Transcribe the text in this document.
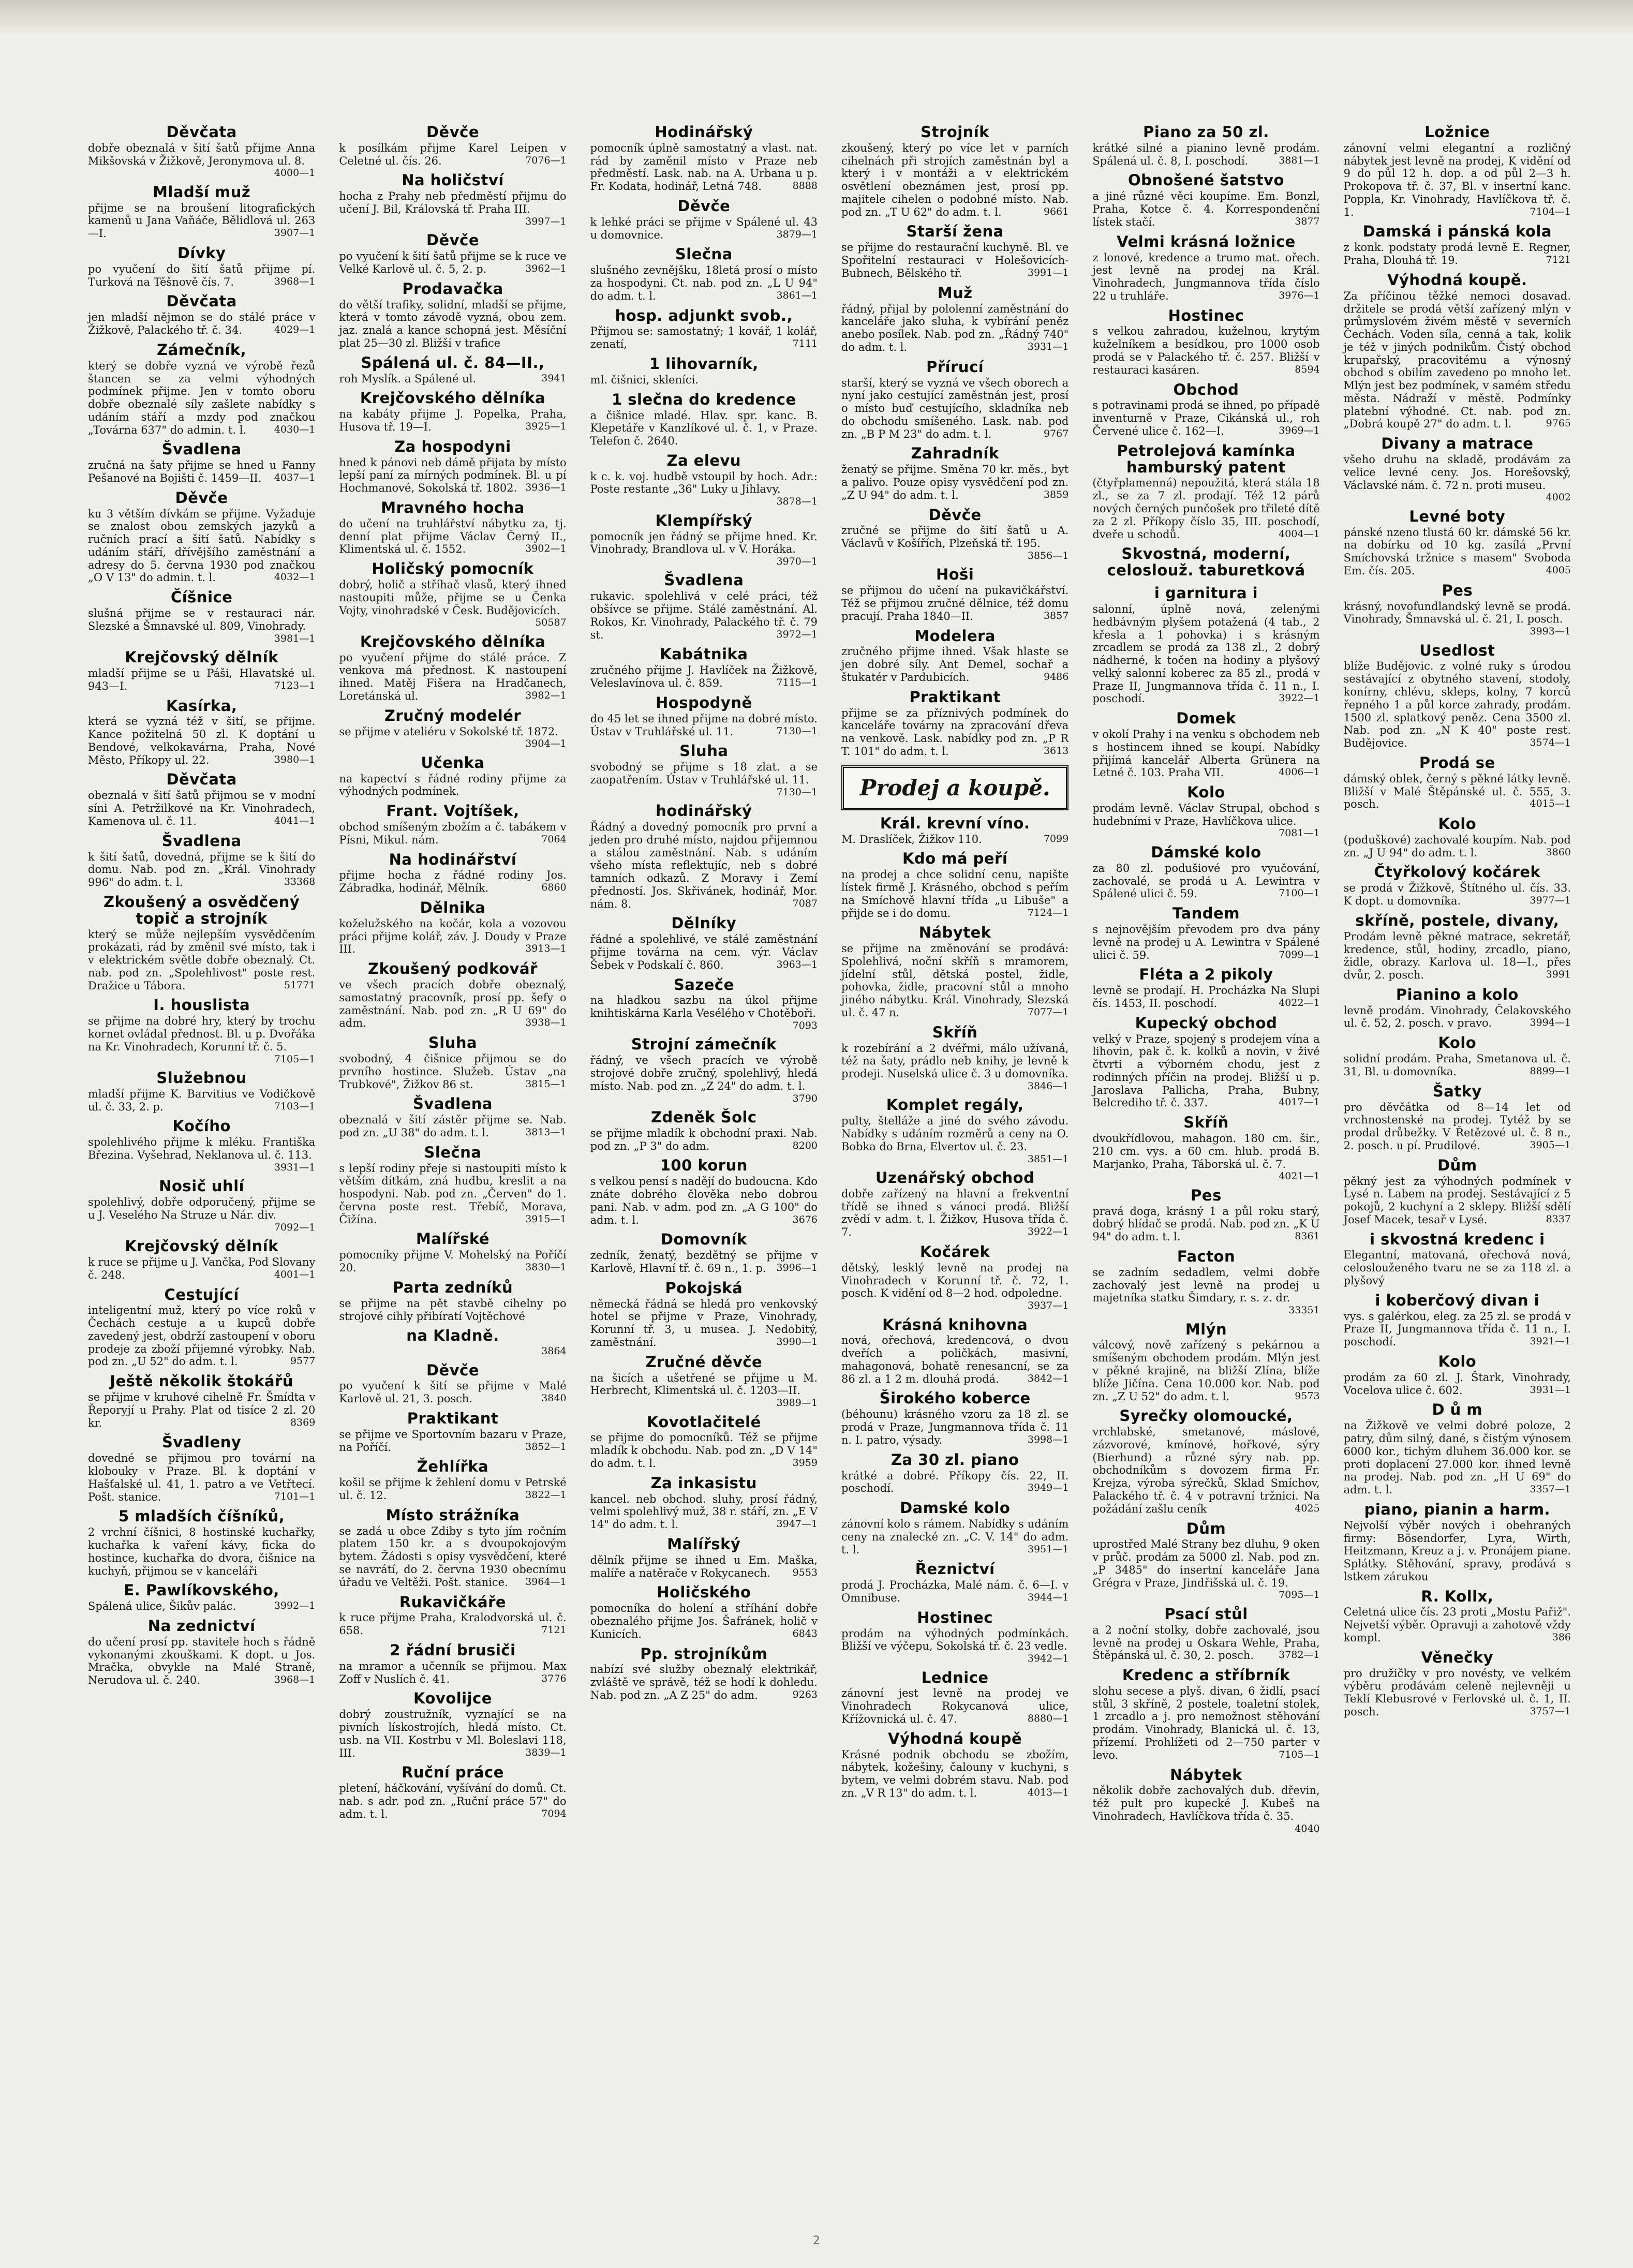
Děvčata

dobře obeznalá v šití šatů přijme Anna Mikšovská v Žižkově, Jeronymova ul. 8.
4000—1

Mladší muž

přijme se na broušení litografických kamenů u Jana Vaňáče, Bělidlová ul. 263—I.	3907—1

Dívky

po vyučení do šití šatů přijme pí. Turková na Těšnově čís. 7.	3968—1

Děvčata

jen mladší nějmon se do stálé práce v Žižkově, Palackého tř. č. 34.	4029—1

Zámečník,

který se dobře vyzná ve výrobě řezů štancen se za velmi výhodných podmínek přijme. Jen v tomto oboru dobře obeznalé síly zašlete nabídky s udáním stáří a mzdy pod značkou „Továrna 637" do admin. t. l.	4030—1

Švadlena

zručná na šaty přijme se hned u Fanny Pešanové na Bojišti č. 1459—II. 4037—1

Děvče

ku 3 větším dívkám se přijme. Vyžaduje se znalost obou zemských jazyků a ručních prací a šití šatů. Nabídky s udáním stáří, dřívějšího zaměstnání a adresy do 5. června 1930 pod značkou „O V 13" do admin. t. l.	4032—1

Číšnice

slušná přijme se v restauraci nár. Slezské a Šmnavské ul. 809, Vinohrady.
3981—1

Krejčovský dělník

mladší přijme se u Páši, Hlavatské ul. 943—I.	7123—1

Kasírka,

která se vyzná též v šití, se přijme. Kance požitelná 50 zl. K doptání u Bendové, velkokavárna, Praha, Nové Město, Příkopy ul. 22.	3980—1

Děvčata

obeznalá v šití šatů přijmou se v modní síni A. Petržilkové na Kr. Vinohradech, Kamenova ul. č. 11.	4041—1

Švadlena

k šití šatů, dovedná, přijme se k šití do domu. Nab. pod zn. „Král. Vinohrady 996" do adm. t. l.	33368

Zkoušený a osvědčený topič a strojník

který se může nejlepším vysvědčením prokázati, rád by změnil své místo, tak i v elektrickém světle dobře obeznalý. Ct. nab. pod zn. „Spolehlivost" poste rest. Dražice u Tábora.	51771

I. houslista

se přijme na dobré hry, který by trochu kornet ovládal přednost. Bl. u p. Dvořáka na Kr. Vinohradech, Korunní tř. č. 5.
7105—1

Služebnou

mladší přijme K. Barvitius ve Vodičkově ul. č. 33, 2. p.	7103—1

Kočího

spolehlivého přijme k mléku. Františka Březina. Vyšehrad, Neklanova ul. č. 113.
3931—1

Nosič uhlí

spolehlivý, dobře odporučený, přijme se u J. Veselého Na Struze u Nár. div.
7092—1

Krejčovský dělník

k ruce se přijme u J. Vančka, Pod Slovany č. 248.	4001—1

Cestující

inteligentní muž, který po více roků v Čechách cestuje a u kupců dobře zavedený jest, obdrží zastoupení v oboru prodeje za zboží přijemné výrobky. Nab. pod zn. „U 52" do adm. t. l.	9577

Ještě několik štokářů

se přijme v kruhové cihelně Fr. Šmídta v Řeporyjí u Prahy. Plat od tisíce 2 zl. 20 kr.	8369

Švadleny

dovedné se přijmou pro tovární na klobouky v Praze. Bl. k doptání v Hašťalské ul. 41, 1. patro a ve Vetřtecí. Pošt. stanice.	7101—1

5 mladších číšníků,

2 vrchní číšnici, 8 hostinské kuchařky, kuchařka k vaření kávy, ficka do hostince, kuchařka do dvora, čišnice na kuchyň, přijmou se v kanceláři

E. Pawlíkovského,

Spálená ulice, Šikův palác.	3992—1

Na zednictví

do učení prosí pp. stavitele hoch s řádně vykonanými zkouškami. K dopt. u Jos. Mračka, obvykle na Malé Straně, Nerudova ul. č. 240.	3968—1

Děvče

k posílkám přijme Karel Leipen v Celetné ul. čís. 26.	7076—1

Na holičství

hocha z Prahy neb předměstí přijmu do učení J. Bil, Královská tř. Praha III.
3997—1

Děvče

po vyučení k šití šatů přijme se k ruce ve Velké Karlově ul. č. 5, 2. p.	3962—1

Prodavačka

do větší trafiky, solidní, mladší se přijme, která v tomto závodě vyzná, obou zem. jaz. znalá a kance schopná jest. Měsíční plat 25—30 zl. Bližší v trafice

Spálená ul. č. 84—II.,

roh Myslík. a Spálené ul.	3941

Krejčovského dělníka

na kabáty přijme J. Popelka, Praha, Husova tř. 19—I.	3925—1

Za hospodyni

hned k pánovi neb dámě přijata by místo lepší paní za mírných podmínek. Bl. u pí Hochmanové, Sokolská tř. 1802. 3936—1

Mravného hocha

do učení na truhlářství nábytku za, tj. denní plat přijme Václav Černý II., Klimentská ul. č. 1552.	3902—1

Holičský pomocník

dobrý, holič a stříhač vlasů, který ihned nastoupiti může, přijme se u Čenka Vojty, vinohradské v Česk. Budějovicích.
50587

Krejčovského dělníka

po vyučení přijme do stálé práce. Z venkova má přednost. K nastoupení ihned. Matěj Fišera na Hradčanech, Loretánská ul.	3982—1

Zručný modelér

se přijme v ateliéru v Sokolské tř. 1872.
3904—1

Učenka

na kapectví s řádné rodiny přijme za výhodných podmínek.

Frant. Vojtíšek,

obchod smíšeným zbožím a č. tabákem v Písni, Mikul. nám.	7064

Na hodinářství

přijme hocha z řádné rodiny Jos. Zábradka, hodinář, Mělník.	6860

Dělnika

koželužského na kočár, kola a vozovou práci přijme kolář, záv. J. Doudy v Praze III.	3913—1

Zkoušený podkovář

ve všech pracích dobře obeznalý, samostatný pracovník, prosí pp. šefy o zaměstnání. Nab. pod zn. „R U 69" do adm.	3938—1

Sluha

svobodný, 4 čišnice přijmou se do prvního hostince. Služeb. Ústav „na Trubkové", Žižkov 86 st.	3815—1

Švadlena

obeznalá v šití zástěr přijme se. Nab. pod zn. „U 38" do adm. t. l.	3813—1

Slečna

s lepší rodiny přeje si nastoupiti místo k větším dítkám, zná hudbu, kreslit a na hospodyni. Nab. pod zn. „Červen" do 1. června poste rest. Třebíč, Morava, Čižína.	3915—1

Malířské

pomocníky přijme V. Mohelský na Poříčí 20.	3830—1

Parta zedníků

se přijme na pět stavbě cihelny po strojové cihly přibíratí Vojtěchové

na Kladně.

3864

Děvče

po vyučení k šití se přijme v Malé Karlově ul. 21, 3. posch.	3840

Praktikant

se přijme ve Sportovním bazaru v Praze, na Poříčí.	3852—1

Žehlířka

košil se přijme k žehlení domu v Petrské ul. č. 12.	3822—1

Místo strážníka

se zadá u obce Zdiby s tyto jím ročním platem 150 kr. a s dvoupokojovým bytem. Žádosti s opisy vysvědčení, které se navrátí, do 2. června 1930 obecnímu úřadu ve Veltěži. Pošt. stanice. 3964—1

Rukavičkáře

k ruce přijme Praha, Kralodvorská ul. č. 658.	7121

2 řádní brusiči

na mramor a učenník se přijmou. Max Zoff v Nuslích č. 41.	3776

Kovolijce

dobrý zoustružník, vyznající se na pivních lískostrojích, hledá místo. Ct. usb. na VII. Kostrbu v Ml. Boleslavi 118, III.	3839—1

Ruční práce

pletení, háčkování, vyšívání do domů. Ct. nab. s adr. pod zn. „Ruční práce 57" do adm. t. l.	7094

Hodinářský

pomocník úplně samostatný a vlast. nat. rád by zaměnil místo v Praze neb předměstí. Lask. nab. na A. Urbana u p. Fr. Kodata, hodinář, Letná 748.	8888

Děvče

k lehké práci se přijme v Spálené ul. 43 u domovnice.	3879—1

Slečna

slušného zevnějšku, 18letá prosí o místo za hospodyni. Ct. nab. pod zn. „L U 94" do adm. t. l.	3861—1

hosp. adjunkt svob.,

Přijmou se: samostatný; 1 kovář, 1 kolář, zenatí,	7111

1 lihovarník,

ml. čišnici, skleníci.

1 slečna do kredence

a čišnice mladé. Hlav. spr. kanc. B. Klepetáře v Kanzlíkové ul. č. 1, v Praze. Telefon č. 2640.

Za elevu

k c. k. voj. hudbě vstoupil by hoch. Adr.: Poste restante „36" Luky u Jihlavy.
3878—1

Klempířský

pomocník jen řádný se přijme hned. Kr. Vinohrady, Brandlova ul. v V. Horáka.
3970—1

Švadlena

rukavic. spolehlivá v celé práci, též obšívce se přijme. Stálé zaměstnání. Al. Rokos, Kr. Vinohrady, Palackého tř. č. 79 st.	3972—1

Kabátnika

zručného přijme J. Havlíček na Žižkově, Veleslavínova ul. č. 859.	7115—1

Hospodyně

do 45 let se ihned přijme na dobré místo. Ústav v Truhlářské ul. 11.	7130—1

Sluha

svobodný se přijme s 18 zlat. a se zaopatřením. Ústav v Truhlářské ul. 11.
7130—1

hodinářský

Řádný a dovedný pomocník pro první a jeden pro druhé místo, najdou přijemnou a stálou zaměstnání. Nab. s udáním všeho místa reflektujíc, neb s dobré tamních odkazů. Z Moravy i Zemí předností. Jos. Skřivánek, hodinář, Mor. nám. 8.	7087

Dělníky

řádné a spolehlivé, ve stálé zaměstnání přijme továrna na cem. výr. Václav Šebek v Podskalí č. 860.	3963—1

Sazeče

na hladkou sazbu na úkol přijme knihtiskárna Karla Vesélého v Chotěboři.
7093

Strojní zámečník

řádný, ve všech pracích ve výrobě strojové dobře zručný, spolehlivý, hledá místo. Nab. pod zn. „Z 24" do adm. t. l.
3790

Zdeněk Šolc

se přijme mladík k obchodní praxi. Nab. pod zn. „P 3" do adm.	8200

100 korun

s velkou pensí s nadějí do budoucna. Kdo znáte dobrého člověka nebo dobrou pani. Nab. v adm. pod zn. „A G 100" do adm. t. l.	3676

Domovník

zedník, ženatý, bezdětný se přijme v Karlově, Hlavní tř. č. 69 n., 1. p. 3996—1

Pokojská

německá řádná se hledá pro venkovský hotel se přijme v Praze, Vinohrady, Korunní tř. 3, u musea. J. Nedobitý, zaměstnání.	3990—1

Zručné děvče

na šicích a ušetřené se přijme u M. Herbrecht, Klimentská ul. č. 1203—II.
3989—1

Kovotlačitelé

se přijme do pomocníků. Též se přijme mladík k obchodu. Nab. pod zn. „D V 14" do adm. t. l.	3959

Za inkasistu

kancel. neb obchod. sluhy, prosí řádný, velmi spolehlivý muž, 38 r. stáří, zn. „E V 14" do adm. t. l.	3947—1

Malířský

dělník přijme se ihned u Em. Maška, malíře a natěrače v Rokycanech. 9553

Holičského

pomocníka do holení a stříhání dobře obeznalého přijme Jos. Šafránek, holič v Kunicích.	6843

Pp. strojníkům

nabízí své služby obeznalý elektrikář, zvláště ve správě, též se hodí k dohledu. Nab. pod zn. „A Z 25" do adm.	9263

Strojník

zkoušený, který po více let v parních cihelnách při strojích zaměstnán byl a který i v montáži a v elektrickém osvětlení obeznámen jest, prosí pp. majitele cihelen o podobné místo. Nab. pod zn. „T U 62" do adm. t. l.	9661

Starší žena

se přijme do restaurační kuchyně. Bl. ve Spořitelní restauraci v Holešovicích-Bubnech, Bělského tř.	3991—1

Muž

řádný, přijal by pololenní zaměstnání do kanceláře jako sluha, k vybírání peněz anebo posílek. Nab. pod zn. „Řádný 740" do adm. t. l.	3931—1

Přírucí

starší, který se vyzná ve všech oborech a nyní jako cestující zaměstnán jest, prosí o místo buď cestujícího, skladníka neb do obchodu smíšeného. Lask. nab. pod zn. „B P M 23" do adm. t. l.	9767

Zahradník

ženatý se přijme. Směna 70 kr. měs., byt a palivo. Pouze opisy vysvědčení pod zn. „Z U 94" do adm. t. l.	3859

Děvče

zručné se přijme do šití šatů u A. Václavů v Košířích, Plzeňská tř. 195.
3856—1

Hoši

se přijmou do učení na pukavičkářství. Též se přijmou zručné dělnice, též domu pracují. Praha 1840—II.	3857

Modelera

zručného přijme ihned. Však hlaste se jen dobré síly. Ant Demel, sochař a štukatér v Pardubicích.	9486

Praktikant

přijme se za příznivých podmínek do kanceláře továrny na zpracování dřeva na venkově. Lask. nabídky pod zn. „P R T. 101" do adm. t. l.	3613

Prodej a koupě.
Král. krevní víno.

M. Draslíček, Žižkov 110.	7099

Kdo má peří

na prodej a chce solidní cenu, napište lístek firmě J. Krásného, obchod s peřím na Smíchově hlavní třída „u Libuše" a přijde se i do domu.	7124—1

Nábytek

se přijme na změnování se prodává: Spolehlivá, noční skříň s mramorem, jídelní stůl, dětská postel, židle, pohovka, židle, pracovní stůl a mnoho jiného nábytku. Král. Vinohrady, Slezská ul. č. 47 n.	7077—1

Skříň

k rozebírání a 2 dvéřmi, málo užívaná, též na šaty, prádlo neb knihy, je levně k prodeji. Nuselská ulice č. 3 u domovníka.
3846—1

Komplet regály,

pulty, štelláže a jiné do svého závodu. Nabídky s udáním rozměrů a ceny na O. Bobka do Brna, Elvertov ul. č. 23.
3851—1

Uzenářský obchod

dobře zařízený na hlavní a frekventní třídě se ihned s vánoci prodá. Bližší zvědí v adm. t. l. Žižkov, Husova třída č. 7.	3922—1

Kočárek

dětský, lesklý levně na prodej na Vinohradech v Korunní tř. č. 72, 1. posch. K vidění od 8—2 hod. odpoledne.
3937—1

Krásná knihovna

nová, ořechová, kredencová, o dvou dveřích a poličkách, masivní, mahagonová, bohatě renesancní, se za 86 zl. a 1 2 m. dlouhá prodá.	3842—1

Širokého koberce

(béhounu) krásného vzoru za 18 zl. se prodá v Praze, Jungmannova třída č. 11 n. I. patro, výsady.	3998—1

Za 30 zl. piano

krátké a dobré. Příkopy čís. 22, II. poschodí.	3949—1

Damské kolo

zánovní kolo s rámem. Nabídky s udáním ceny na znalecké zn. „C. V. 14" do adm. t. l.	3951—1

Řeznictví

prodá J. Procházka, Malé nám. č. 6—I. v Omnibuse.	3944—1

Hostinec

prodám na výhodných podmínkách. Bližší ve výčepu, Sokolská tř. č. 23 vedle.
3942—1

Lednice

zánovní jest levně na prodej ve Vinohradech Rokycanová ulice, Křížovnická ul. č. 47.	8880—1

Výhodná koupě

Krásné podnik obchodu se zbožím, nábytek, kožešiny, čalouny v kuchyni, s bytem, ve velmi dobrém stavu. Nab. pod zn. „V R 13" do adm. t. l.	4013—1

Piano za 50 zl.

krátké silné a pianino levně prodám. Spálená ul. č. 8, I. poschodí.	3881—1

Obnošené šatstvo

a jiné různé věci koupíme. Em. Bonzl, Praha, Kotce č. 4. Korrespondenční lístek stačí.	3877

Velmi krásná ložnice

z lonové, kredence a trumo mat. ořech. jest levně na prodej na Král. Vinohradech, Jungmannova třída číslo 22 u truhláře.	3976—1

Hostinec

s velkou zahradou, kuželnou, krytým kuželníkem a besídkou, pro 1000 osob prodá se v Palackého tř. č. 257. Bližší v restauraci kasáren.	8594

Obchod

s potravinami prodá se ihned, po případě inventurně v Praze, Cikánská ul., roh Červené ulice č. 162—I.	3969—1

Petrolejová kamínka hamburský patent

(čtyřplamenná) nepoužitá, která stála 18 zl., se za 7 zl. prodají. Též 12 párů nových černých punčošek pro třileté dítě za 2 zl. Příkopy číslo 35, III. poschodí, dveře u schodů.	4004—1

Skvostná, moderní, celoslouž. taburetková

i garnitura i

salonní, úplně nová, zelenými hedbávným plyšem potažená (4 tab., 2 křesla a 1 pohovka) i s krásným zrcadlem se prodá za 138 zl., 2 dobrý nádherné, k točen na hodiny a plyšový velký salonní koberec za 85 zl., prodá v Praze II, Jungmannova třída č. 11 n., I. poschodí.	3922—1

Domek

v okolí Prahy i na venku s obchodem neb s hostincem ihned se koupí. Nabídky přijímá kancelář Alberta Grünera na Letné č. 103. Praha VII.	4006—1

Kolo

prodám levně. Václav Strupal, obchod s hudebními v Praze, Havlíčkova ulice.
7081—1

Dámské kolo

za 80 zl. podušiové pro vyučování, zachovalé, se prodá u A. Lewintra v Spálené ulici č. 59.	7100—1

Tandem

s nejnovějším převodem pro dva pány levně na prodej u A. Lewintra v Spálené ulici č. 59.	7099—1

Fléta a 2 pikoly

levně se prodají. H. Procházka Na Slupi čís. 1453, II. poschodí.	4022—1

Kupecký obchod

velký v Praze, spojený s prodejem vína a lihovin, pak č. k. kolků a novin, v živé čtvrti a výborném chodu, jest z rodinných příčin na prodej. Bližší u p. Jaroslava Pallicha, Praha, Bubny, Belcrediho tř. č. 337.	4017—1

Skříň

dvoukřídlovou, mahagon. 180 cm. šir., 210 cm. vys. a 60 cm. hlub. prodá B. Marjanko, Praha, Táborská ul. č. 7.
4021—1

Pes

pravá doga, krásný 1 a půl roku starý, dobrý hlídač se prodá. Nab. pod zn. „K U 94" do adm. t. l.	8361

Facton

se zadním sedadlem, velmi dobře zachovalý jest levně na prodej u majetníka statku Šimdary, r. s. z. dr.
33351

Mlýn

válcový, nově zařízený s pekárnou a smíšeným obchodem prodám. Mlýn jest v pěkné krajině, na bližší Zlína, blíže blíže Jičína. Cena 10.000 kor. Nab. pod zn. „Z U 52" do adm. t. l.	9573

Syrečky olomoucké,

vrchlabské, smetanové, máslové, zázvorové, kmínové, hořkové, sýry (Bierhund) a různé sýry nab. pp. obchodníkům s dovozem firma Fr. Krejza, výroba sýrečků, Sklad Smíchov, Palackého tř. č. 4 v potravní tržnici. Na požádání zašlu ceník	4025

Dům

uprostřed Malé Strany bez dluhu, 9 oken v průč. prodám za 5000 zl. Nab. pod zn. „P 3485" do insertní kanceláře Jana Grégra v Praze, Jindřišská ul. č. 19.
7095—1

Psací stůl

a 2 noční stolky, dobře zachovalé, jsou levně na prodej u Oskara Wehle, Praha, Štěpánská ul. č. 30, 2. posch.	3782—1

Kredenc a stříbrník

slohu secese a plyš. divan, 6 židlí, psací stůl, 3 skříně, 2 postele, toaletní stolek, 1 zrcadlo a j. pro nemožnost stěhování prodám. Vinohrady, Blanická ul. č. 13, přízemí. Prohlížeti od 2—750 parter v levo.	7105—1

Nábytek

několik dobře zachovalých dub. dřevin, též pult pro kupecké J. Kubeš na Vinohradech, Havlíčkova třída č. 35.
4040

Ložnice

zánovní velmi elegantní a rozličný nábytek jest levně na prodej, K vidění od 9 do půl 12 h. dop. a od půl 2—3 h. Prokopova tř. č. 37, Bl. v insertní kanc. Poppla, Kr. Vinohrady, Havlíčkova tř. č. 1.	7104—1

Damská i pánská kola

z konk. podstaty prodá levně E. Regner, Praha, Dlouhá tř. 19.	7121

Výhodná koupě.

Za příčinou těžké nemoci dosavad. držitele se prodá větší zařízený mlýn v průmyslovém živém městě v severních Čechách. Voden síla, cenná a tak, kolik je též v jiných podnikům. Čistý obchod krupařský, pracovitému a výnosný obchod s obilím zavedeno po mnoho let. Mlýn jest bez podmínek, v samém středu města. Nádraží v městě. Podmínky platební výhodné. Ct. nab. pod zn. „Dobrá koupě 27" do adm. t. l.	9765

Divany a matrace

všeho druhu na skladě, prodávám za velice levné ceny. Jos. Horešovský, Václavské nám. č. 72 n. proti museu.
4002

Levné boty

pánské nzeno tlustá 60 kr. dámské 56 kr. na dobírku od 10 kg. zasílá „První Smíchovská tržnice s masem" Svoboda Em. čís. 205.	4005

Pes

krásný, novofundlandský levně se prodá. Vinohrady, Šmnavská ul. č. 21, I. posch.
3993—1

Usedlost

blíže Budějovic. z volné ruky s úrodou sestávající z obytného stavení, stodoly, konírny, chlévu, skleps, kolny, 7 korců řepného 1 a půl korce zahrady, prodám. 1500 zl. splatkový peněz. Cena 3500 zl. Nab. pod zn. „N K 40" poste rest. Budějovice.	3574—1

Prodá se

dámský oblek, černý s pěkné látky levně. Bližší v Malé Štěpánské ul. č. 555, 3. posch.	4015—1

Kolo

(poduškové) zachovalé koupím. Nab. pod zn. „J U 94" do adm. t. l.	3860

Čtyřkolový kočárek

se prodá v Žižkově, Štítného ul. čís. 33. K dopt. u domovníka.	3977—1

skříně, postele, divany,

Prodám levně pěkné matrace, sekretář, kredence, stůl, hodiny, zrcadlo, piano, židle, obrazy. Karlova ul. 18—I., přes dvůr, 2. posch.	3991

Pianino a kolo

levně prodám. Vinohrady, Čelakovského ul. č. 52, 2. posch. v pravo.	3994—1

Kolo

solidní prodám. Praha, Smetanova ul. č. 31, Bl. u domovníka.	8899—1

Šatky

pro děvčátka od 8—14 let od vrchnostenské na prodej. Tytéž by se prodal drůbežky. V Řetězové ul. č. 8 n., 2. posch. u pí. Prudilové.	3905—1

Dům

pěkný jest za výhodných podmínek v Lysé n. Labem na prodej. Sestávající z 5 pokojů, 2 kuchyní a 2 sklepy. Bližší sdělí Josef Macek, tesař v Lysé.	8337

i skvostná kredenc i

Elegantní, matovaná, ořechová nová, celoslouženého tvaru ne se za 118 zl. a plyšový

i koberčový divan i

vys. s galérkou, eleg. za 25 zl. se prodá v Praze II, Jungmannova třída č. 11 n., I. poschodí.	3921—1

Kolo

prodám za 60 zl. J. Štark, Vinohrady, Vocelova ulice č. 602.	3931—1

D ů m

na Žižkově ve velmi dobré poloze, 2 patry, dům silný, dané, s čistým výnosem 6000 kor., tichým dluhem 36.000 kor. se proti doplacení 27.000 kor. ihned levně na prodej. Nab. pod zn. „H U 69" do adm. t. l.	3357—1

piano, pianin a harm.

Nejvolší výběr nových i obehraných firmy: Bösendorfer, Lyra, Wirth, Heitzmann, Kreuz a j. v. Pronájem piane. Splátky. Stěhování, spravy, prodává s lstkem zárukou

R. Kollx,

Celetná ulice čís. 23 proti „Mostu Pařiž". Nejvetší výběr. Opravuji a zahotově vždy kompl.	386

Věnečky

pro družičky v pro novésty, ve velkém výběru prodávám celeně nejlevněji u Teklí Klebusrové v Ferlovské ul. č. 1, II. posch.	3757—1

2
